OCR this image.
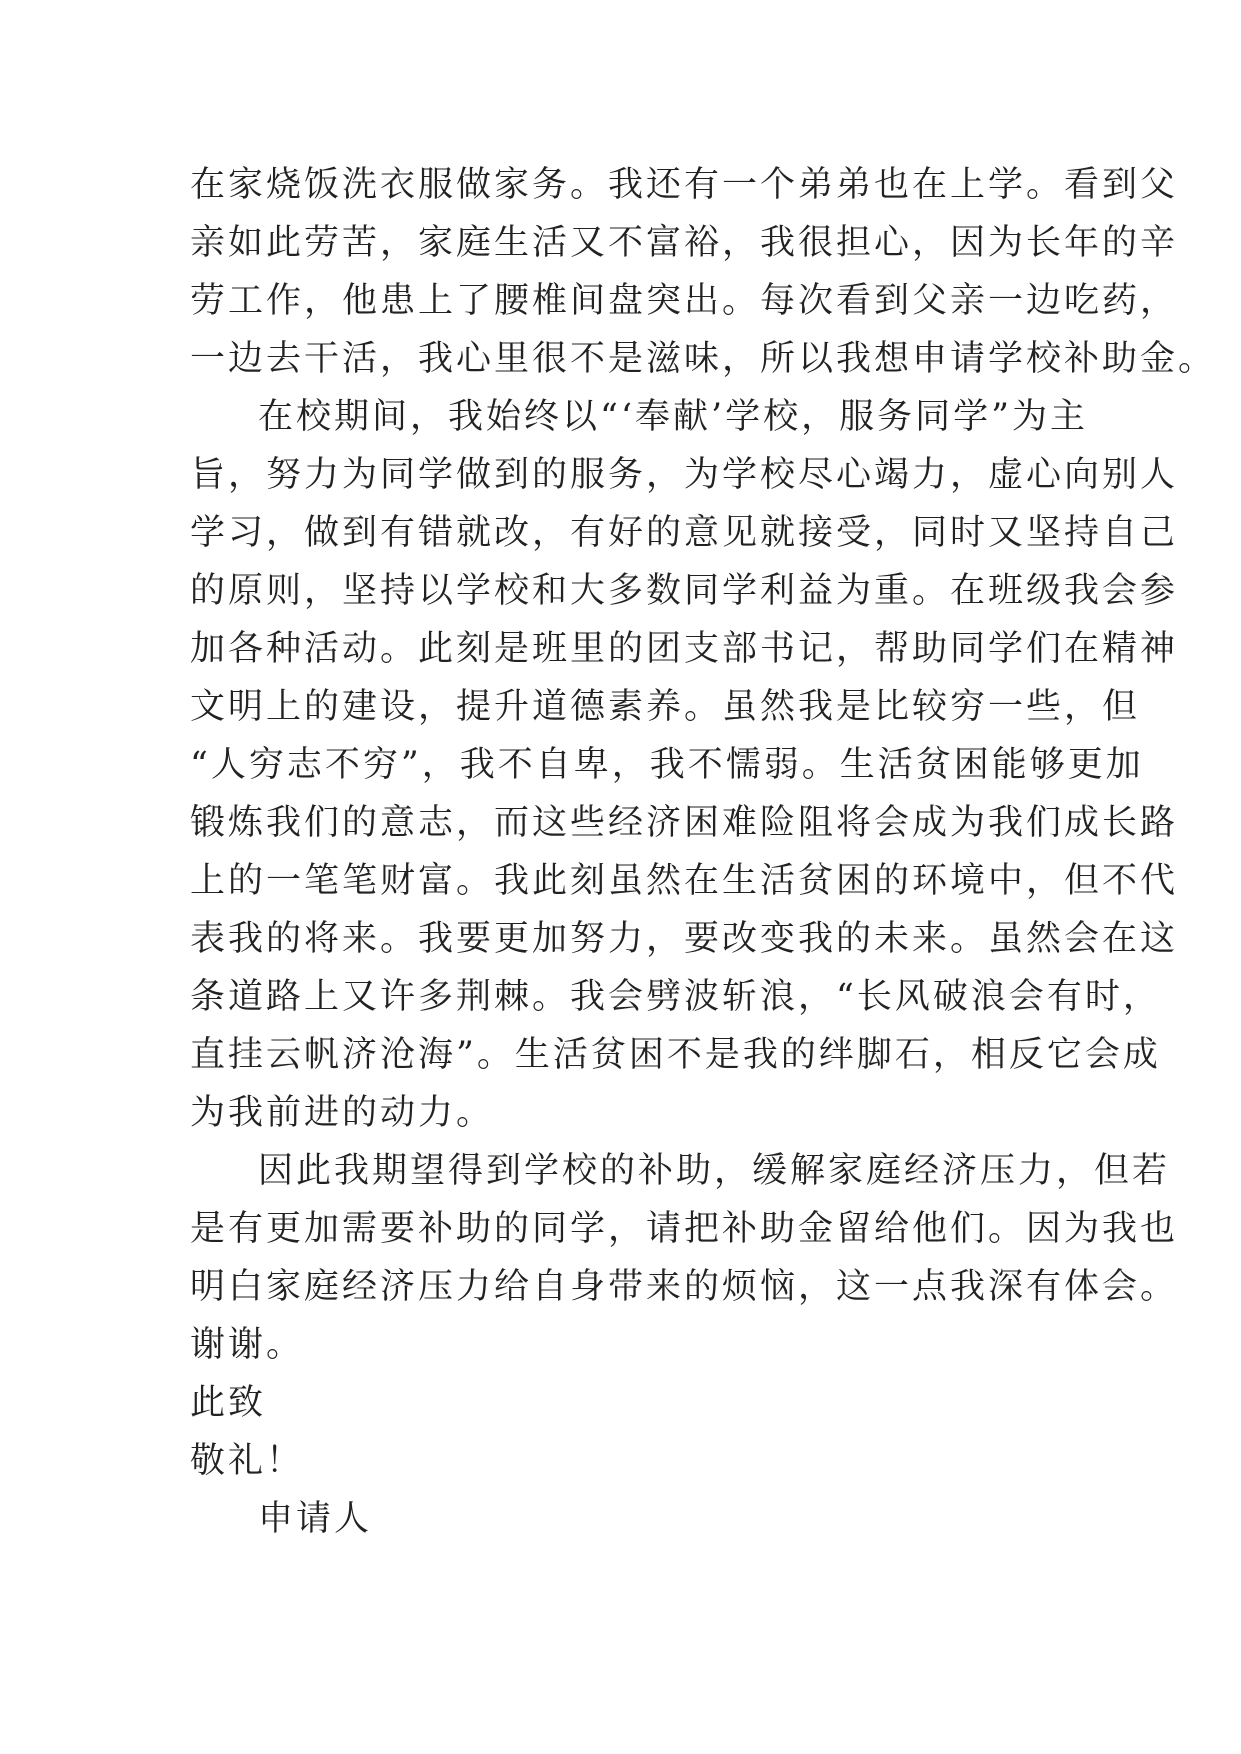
在家烧饭洗衣服做家务。我还有一个弟弟也在上学。看到父
亲如此劳苦，家庭生活又不富裕，我很担心，因为长年的辛
劳工作，他患上了腰椎间盘突出。每次看到父亲一边吃药，
一边去干活，我心里很不是滋味，所以我想申请学校补助金。
在校期间，我始终以“‘奉献’学校，服务同学”为主
旨，努力为同学做到的服务，为学校尽心竭力，虚心向别人
学习，做到有错就改，有好的意见就接受，同时又坚持自己
的原则，坚持以学校和大多数同学利益为重。在班级我会参
加各种活动。此刻是班里的团支部书记，帮助同学们在精神
文明上的建设，提升道德素养。虽然我是比较穷一些，但
“人穷志不穷”，我不自卑，我不懦弱。生活贫困能够更加
锻炼我们的意志，而这些经济困难险阻将会成为我们成长路
上的一笔笔财富。我此刻虽然在生活贫困的环境中，但不代
表我的将来。我要更加努力，要改变我的未来。虽然会在这
条道路上又许多荆棘。我会劈波斩浪，“长风破浪会有时，
直挂云帆济沧海”。生活贫困不是我的绊脚石，相反它会成
为我前进的动力。
因此我期望得到学校的补助，缓解家庭经济压力，但若
是有更加需要补助的同学，请把补助金留给他们。因为我也
明白家庭经济压力给自身带来的烦恼，这一点我深有体会。
谢谢。
此致
敬礼！
申请人
